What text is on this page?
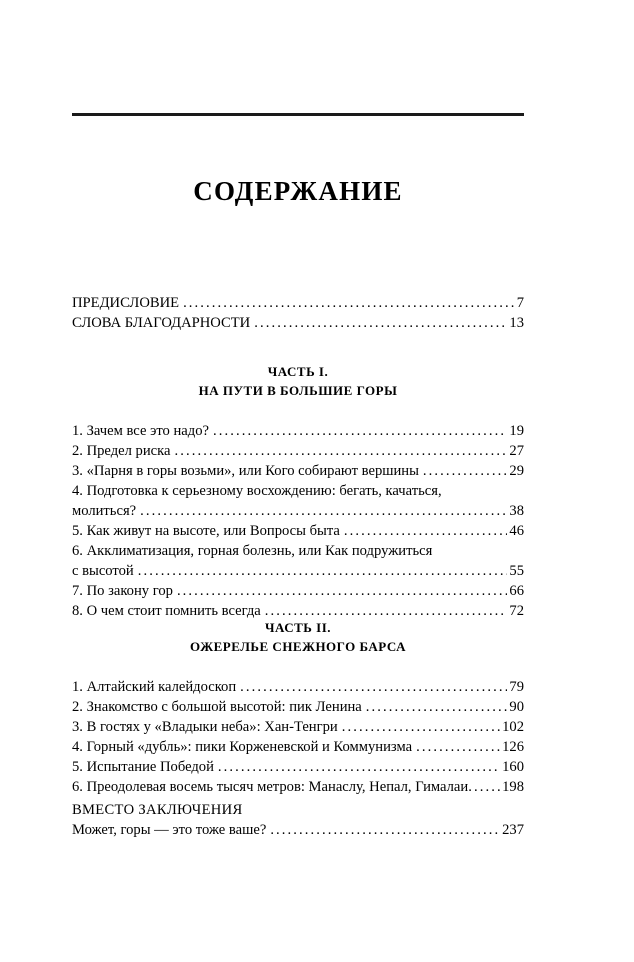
СОДЕРЖАНИЕ
ПРЕДИСЛОВИЕ .....	7
СЛОВА БЛАГОДАРНОСТИ .....	13
ЧАСТЬ I.
НА ПУТИ В БОЛЬШИЕ ГОРЫ
1. Зачем все это надо? .....	19
2. Предел риска .....	27
3. «Парня в горы возьми», или Кого собирают вершины .....	29
4. Подготовка к серьезному восхождению: бегать, качаться,
молиться? .....	38
5. Как живут на высоте, или Вопросы быта .....	46
6. Акклиматизация, горная болезнь, или Как подружиться
с высотой .....	55
7. По закону гор .....	66
8. О чем стоит помнить всегда .....	72
ЧАСТЬ II.
ОЖЕРЕЛЬЕ СНЕЖНОГО БАРСА
1. Алтайский калейдоскоп .....	79
2. Знакомство с большой высотой: пик Ленина .....	90
3. В гостях у «Владыки неба»: Хан-Тенгри .....	102
4. Горный «дубль»: пики Корженевской и Коммунизма .....	126
5. Испытание Победой .....	160
6. Преодолевая восемь тысяч метров: Манаслу, Непал, Гималаи ..... 198
ВМЕСТО ЗАКЛЮЧЕНИЯ
Может, горы — это тоже ваше? .....	237
